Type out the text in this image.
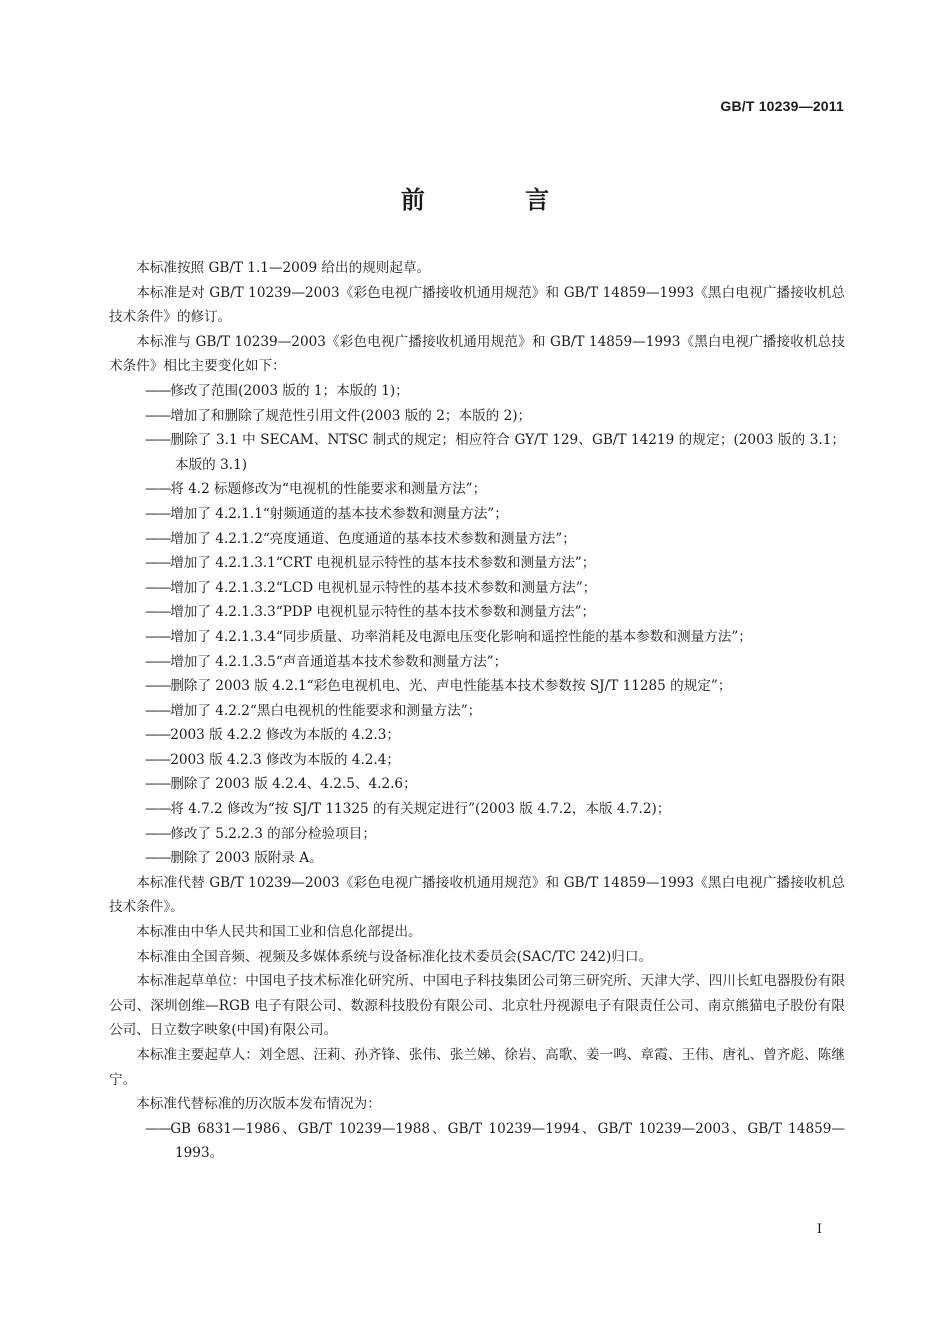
GB/T 10239—2011
前 言

本标准按照 GB/T 1.1—2009 给出的规则起草。

本标准是对 GB/T 10239—2003《彩色电视广播接收机通用规范》和 GB/T 14859—1993《黑白电视广播接收机总技术条件》的修订。

本标准与 GB/T 10239—2003《彩色电视广播接收机通用规范》和 GB/T 14859—1993《黑白电视广播接收机总技术条件》相比主要变化如下：

——修改了范围(2003 版的 1；本版的 1)；

——增加了和删除了规范性引用文件(2003 版的 2；本版的 2)；

——删除了 3.1 中 SECAM、NTSC 制式的规定；相应符合 GY/T 129、GB/T 14219 的规定；(2003 版的 3.1；本版的 3.1)

——将 4.2 标题修改为“电视机的性能要求和测量方法”；

——增加了 4.2.1.1“射频通道的基本技术参数和测量方法”；

——增加了 4.2.1.2“亮度通道、色度通道的基本技术参数和测量方法”；

——增加了 4.2.1.3.1“CRT 电视机显示特性的基本技术参数和测量方法”；

——增加了 4.2.1.3.2“LCD 电视机显示特性的基本技术参数和测量方法”；

——增加了 4.2.1.3.3“PDP 电视机显示特性的基本技术参数和测量方法”；

——增加了 4.2.1.3.4“同步质量、功率消耗及电源电压变化影响和遥控性能的基本参数和测量方法”；

——增加了 4.2.1.3.5“声音通道基本技术参数和测量方法”；

——删除了 2003 版 4.2.1“彩色电视机电、光、声电性能基本技术参数按 SJ/T 11285 的规定”；

——增加了 4.2.2“黑白电视机的性能要求和测量方法”；

——2003 版 4.2.2 修改为本版的 4.2.3；

——2003 版 4.2.3 修改为本版的 4.2.4；

——删除了 2003 版 4.2.4、4.2.5、4.2.6；

——将 4.7.2 修改为“按 SJ/T 11325 的有关规定进行”(2003 版 4.7.2，本版 4.7.2)；

——修改了 5.2.2.3 的部分检验项目；

——删除了 2003 版附录 A。

本标准代替 GB/T 10239—2003《彩色电视广播接收机通用规范》和 GB/T 14859—1993《黑白电视广播接收机总技术条件》。

本标准由中华人民共和国工业和信息化部提出。

本标准由全国音频、视频及多媒体系统与设备标准化技术委员会(SAC/TC 242)归口。

本标准起草单位：中国电子技术标准化研究所、中国电子科技集团公司第三研究所、天津大学、四川长虹电器股份有限公司、深圳创维—RGB 电子有限公司、数源科技股份有限公司、北京牡丹视源电子有限责任公司、南京熊猫电子股份有限公司、日立数字映象(中国)有限公司。

本标准主要起草人：刘全恩、汪莉、孙齐锋、张伟、张兰娣、徐岩、高歌、姜一鸣、章霞、王伟、唐礼、曾齐彪、陈继宁。

本标准代替标准的历次版本发布情况为：

——GB 6831—1986、GB/T 10239—1988、GB/T 10239—1994、GB/T 10239—2003、GB/T 14859—1993。

I
